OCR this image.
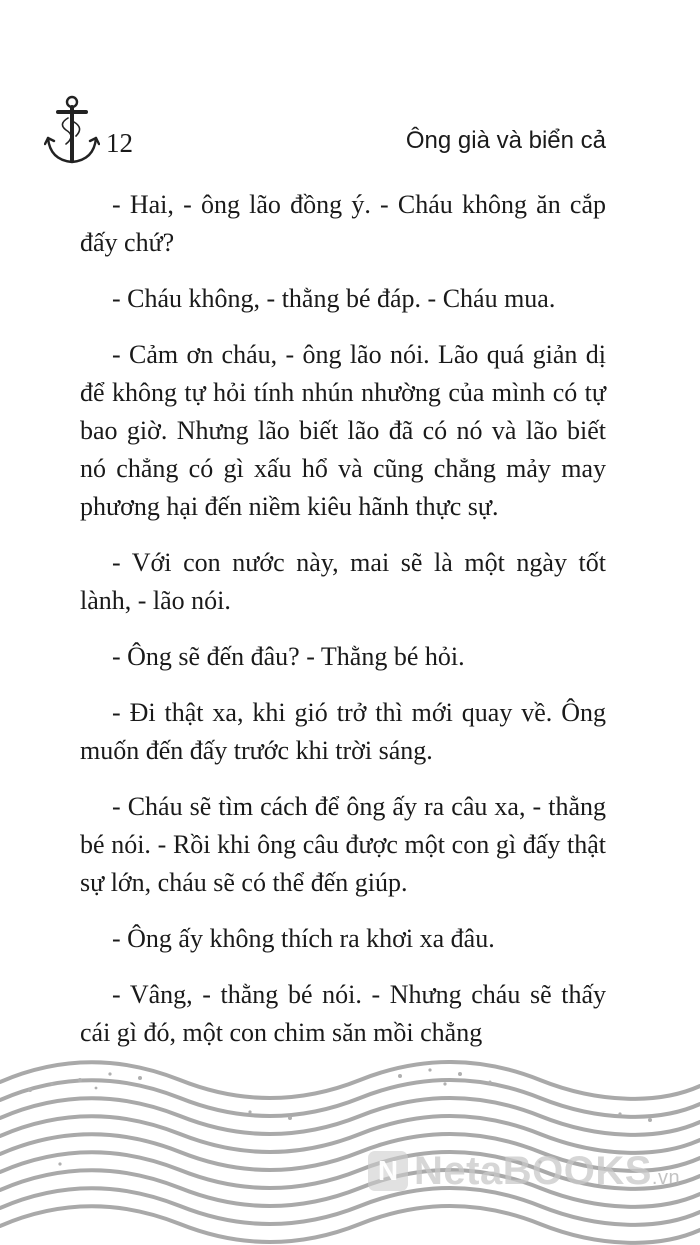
12	Ông già và biển cả

- Hai, - ông lão đồng ý. - Cháu không ăn cắp đấy chứ?

- Cháu không, - thằng bé đáp. - Cháu mua.

- Cảm ơn cháu, - ông lão nói. Lão quá giản dị để không tự hỏi tính nhún nhường của mình có tự bao giờ. Nhưng lão biết lão đã có nó và lão biết nó chẳng có gì xấu hổ và cũng chẳng mảy may phương hại đến niềm kiêu hãnh thực sự.

- Với con nước này, mai sẽ là một ngày tốt lành, - lão nói.

- Ông sẽ đến đâu? - Thằng bé hỏi.

- Đi thật xa, khi gió trở thì mới quay về. Ông muốn đến đấy trước khi trời sáng.

- Cháu sẽ tìm cách để ông ấy ra câu xa, - thằng bé nói. - Rồi khi ông câu được một con gì đấy thật sự lớn, cháu sẽ có thể đến giúp.

- Ông ấy không thích ra khơi xa đâu.

- Vâng, - thằng bé nói. - Nhưng cháu sẽ thấy cái gì đó, một con chim săn mồi chẳng

N NetaBOOKS.vn
